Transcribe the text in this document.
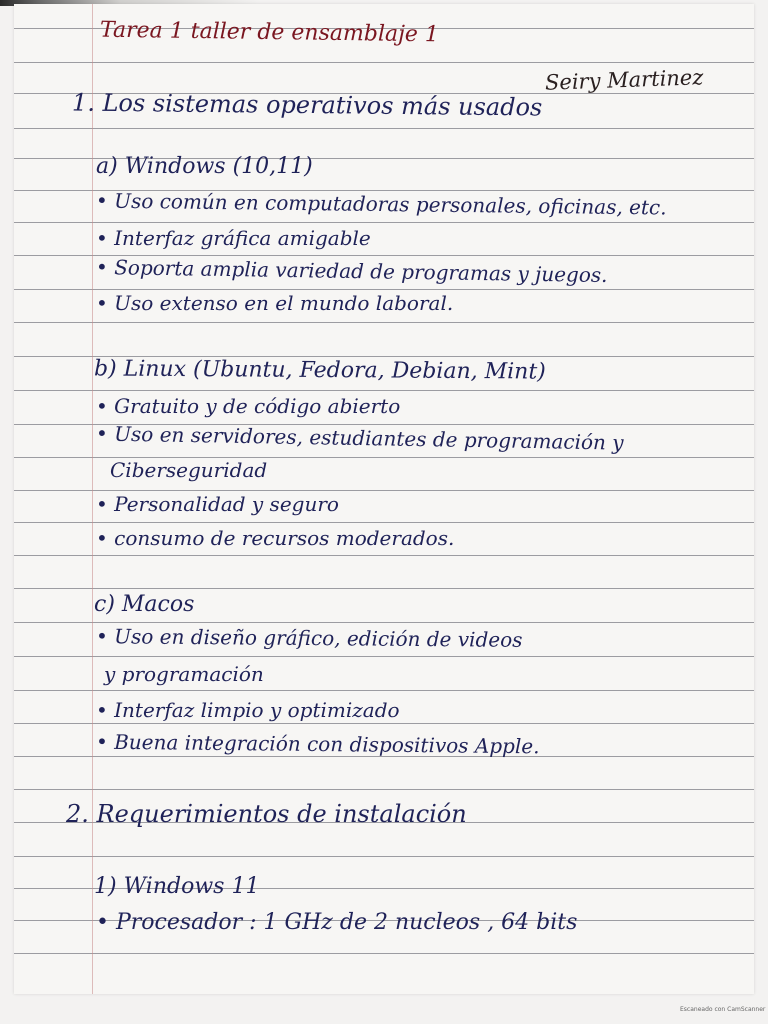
Tarea 1 taller de ensamblaje 1
Seiry Martinez
1. Los sistemas operativos más usados
a) Windows (10,11)
• Uso común en computadoras personales, oficinas, etc.
• Interfaz gráfica amigable
• Soporta amplia variedad de programas y juegos.
• Uso extenso en el mundo laboral.
b) Linux (Ubuntu, Fedora, Debian, Mint)
• Gratuito y de código abierto
• Uso en servidores, estudiantes de programación y
Ciberseguridad
• Personalidad y seguro
• consumo de recursos moderados.
c) Macos
• Uso en diseño gráfico, edición de videos
y programación
• Interfaz limpio y optimizado
• Buena integración con dispositivos Apple.
2. Requerimientos de instalación
1) Windows 11
• Procesador : 1 GHz de 2 nucleos , 64 bits
Escaneado con CamScanner
